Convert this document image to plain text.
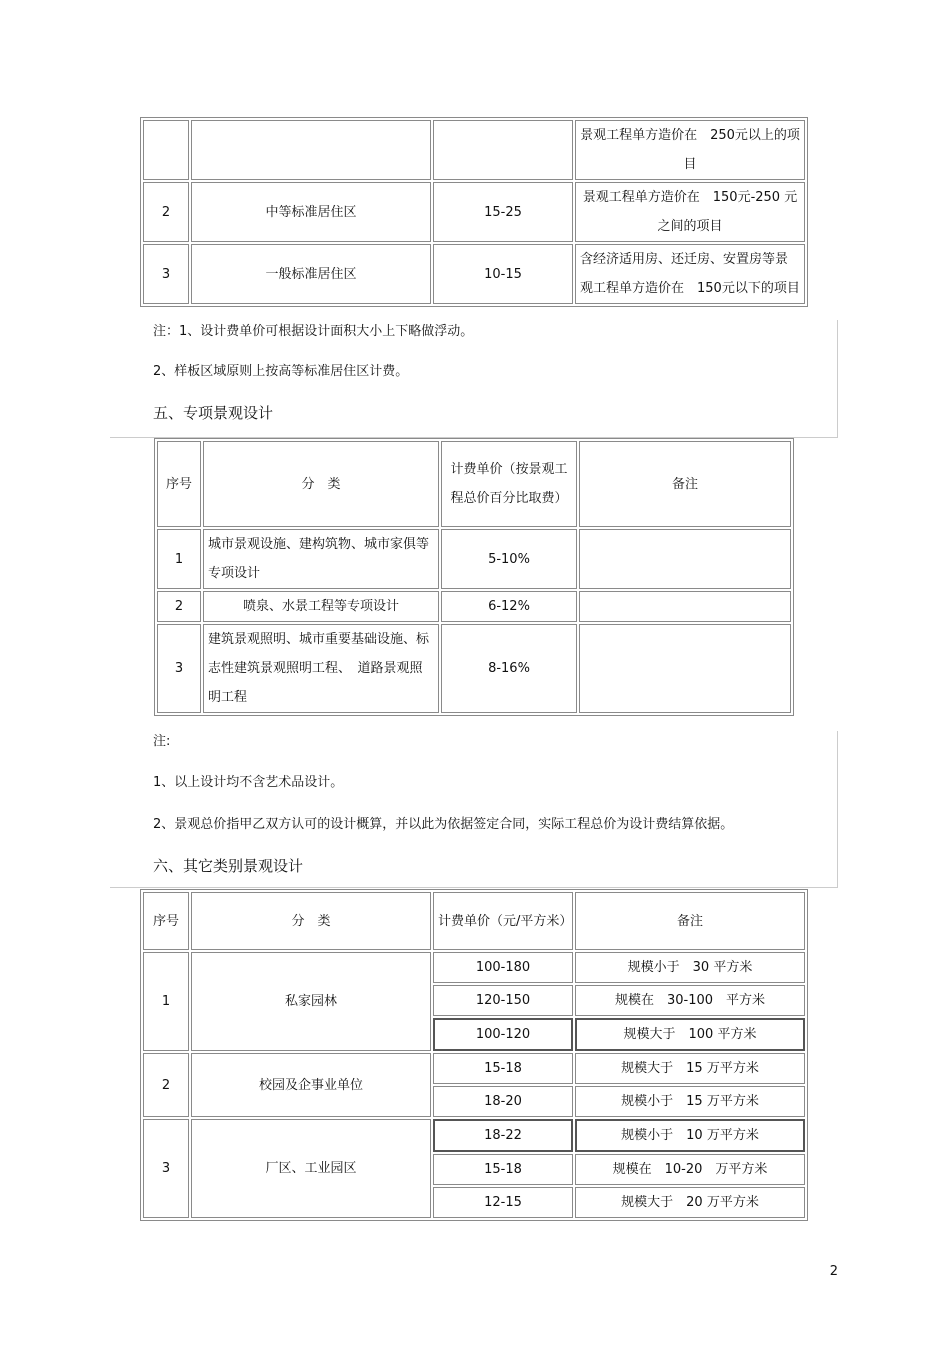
			景观工程单方造价在　250元以上的项目
2	中等标准居住区	15-25	景观工程单方造价在　150元-250 元之间的项目
3	一般标准居住区	10-15	含经济适用房、还迁房、安置房等景观工程单方造价在　150元以下的项目
注：1、设计费单价可根据设计面积大小上下略做浮动。
2、样板区域原则上按高等标准居住区计费。
五、专项景观设计
序号	分　类	计费单价（按景观工程总价百分比取费）	备注
1	城市景观设施、建构筑物、城市家俱等专项设计	5-10%	
2	喷泉、水景工程等专项设计	6-12%	
3	建筑景观照明、城市重要基础设施、标志性建筑景观照明工程、　道路景观照明工程	8-16%	
注:
1、以上设计均不含艺术品设计。
2、景观总价指甲乙双方认可的设计概算，并以此为依据签定合同，实际工程总价为设计费结算依据。
六、其它类别景观设计
序号	分　类	计费单价（元/平方米）	备注
1	私家园林	100-180	规模小于　30 平方米
		120-150	规模在　30-100　平方米
		100-120	规模大于　100 平方米
2	校园及企事业单位	15-18	规模大于　15 万平方米
		18-20	规模小于　15 万平方米
3	厂区、工业园区	18-22	规模小于　10 万平方米
		15-18	规模在　10-20　万平方米
		12-15	规模大于　20 万平方米
2
